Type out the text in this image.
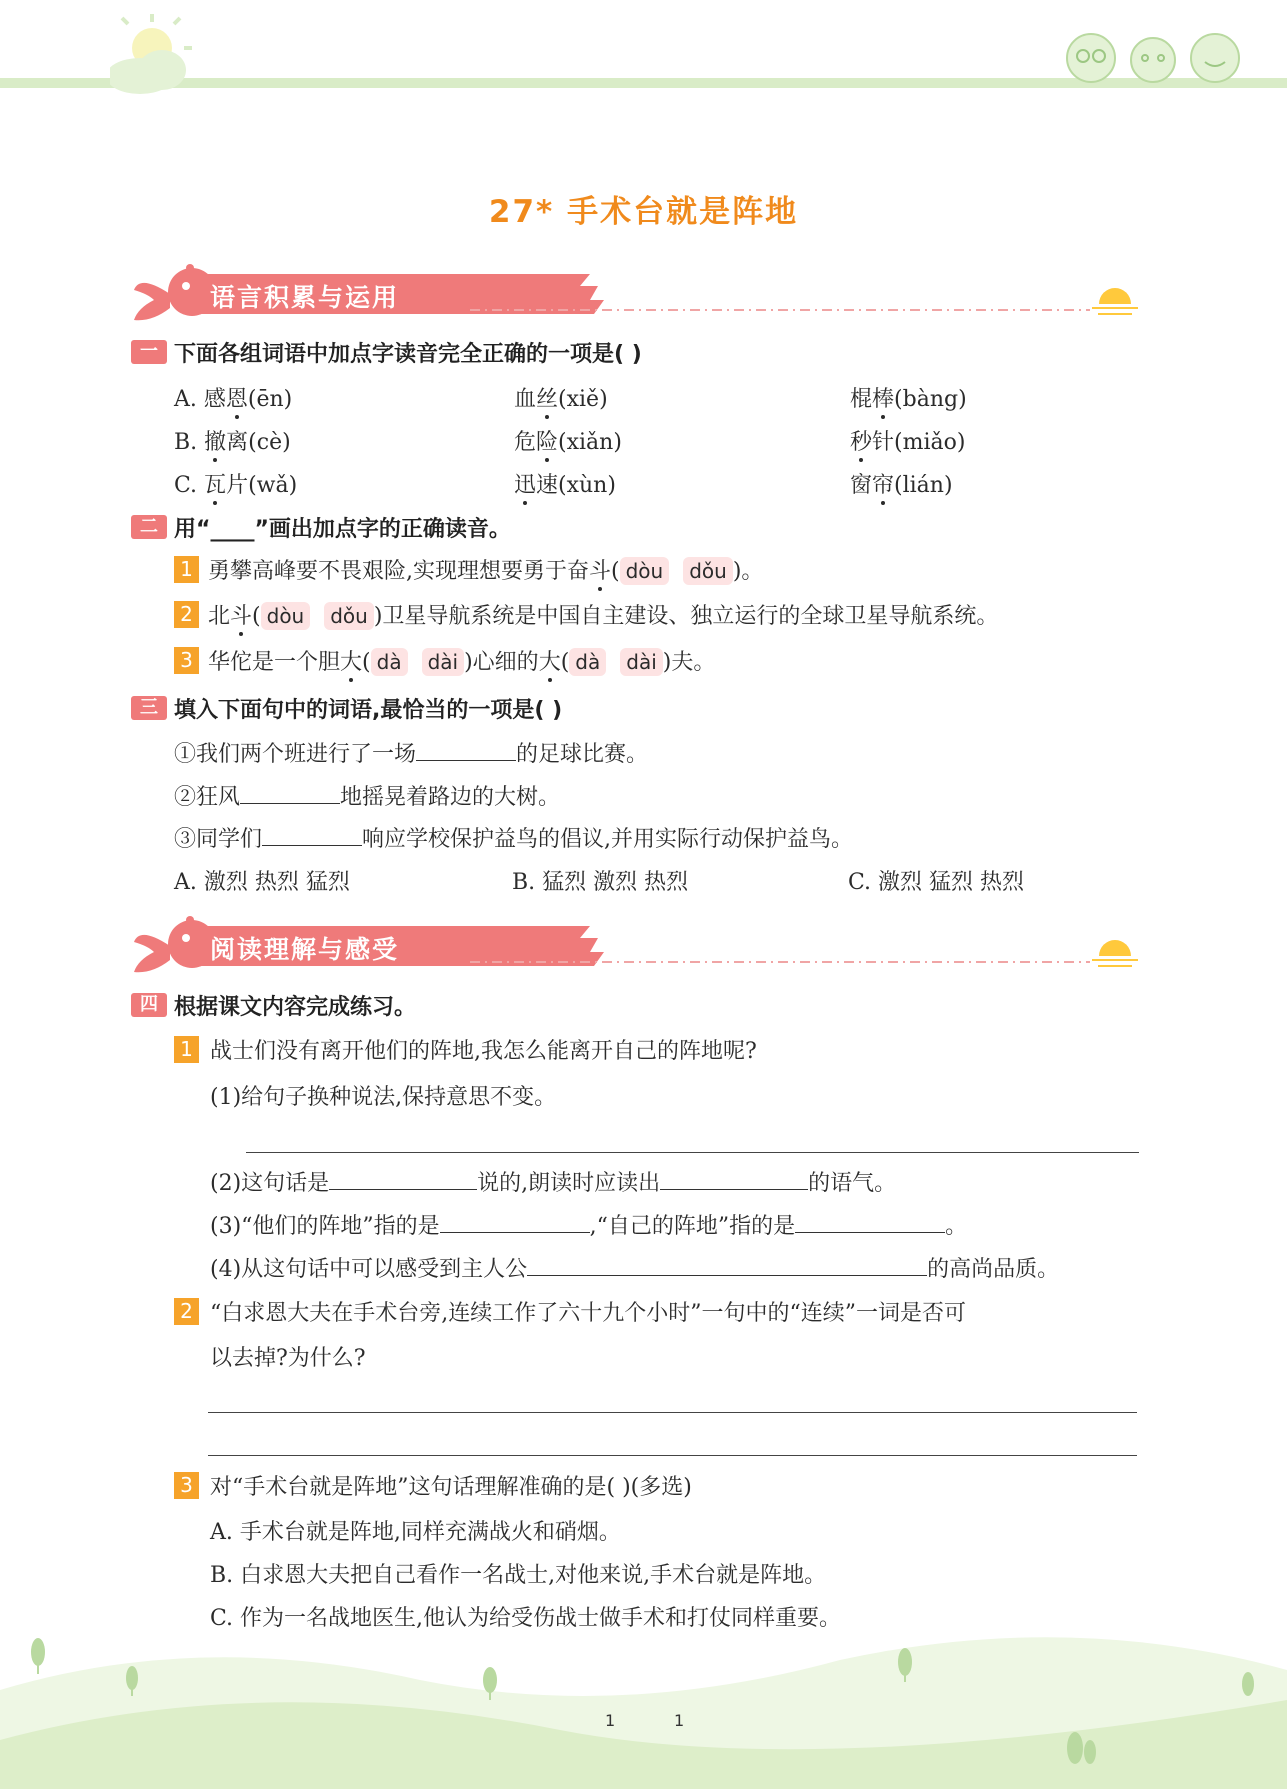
27* 手术台就是阵地
语言积累与运用
一 下面各组词语中加点字读音完全正确的一项是( )
A. 感恩(ēn)	血丝(xiě)	棍棒(bàng)
B. 撤离(cè)	危险(xiǎn)	秒针(miǎo)
C. 瓦片(wǎ)	迅速(xùn)	窗帘(lián)
二 用“____”画出加点字的正确读音。
1 勇攀高峰要不畏艰险,实现理想要勇于奋斗( dòu dǒu )。
2 北斗( dòu dǒu )卫星导航系统是中国自主建设、独立运行的全球卫星导航系统。
3 华佗是一个胆大( dà dài )心细的大( dà dài )夫。
三 填入下面句中的词语,最恰当的一项是( )
①我们两个班进行了一场	的足球比赛。
②狂风	地摇晃着路边的大树。
③同学们	响应学校保护益鸟的倡议,并用实际行动保护益鸟。
A. 激烈 热烈 猛烈	B. 猛烈 激烈 热烈	C. 激烈 猛烈 热烈
阅读理解与感受
四 根据课文内容完成练习。
1 战士们没有离开他们的阵地,我怎么能离开自己的阵地呢?
(1)给句子换种说法,保持意思不变。
(2)这句话是	说的,朗读时应读出	的语气。
(3)“他们的阵地”指的是	,“自己的阵地”指的是	。
(4)从这句话中可以感受到主人公	的高尚品质。
2 “白求恩大夫在手术台旁,连续工作了六十九个小时”一句中的“连续”一词是否可
以去掉?为什么?
3 对“手术台就是阵地”这句话理解准确的是( )(多选)
A. 手术台就是阵地,同样充满战火和硝烟。
B. 白求恩大夫把自己看作一名战士,对他来说,手术台就是阵地。
C. 作为一名战地医生,他认为给受伤战士做手术和打仗同样重要。
1	1
